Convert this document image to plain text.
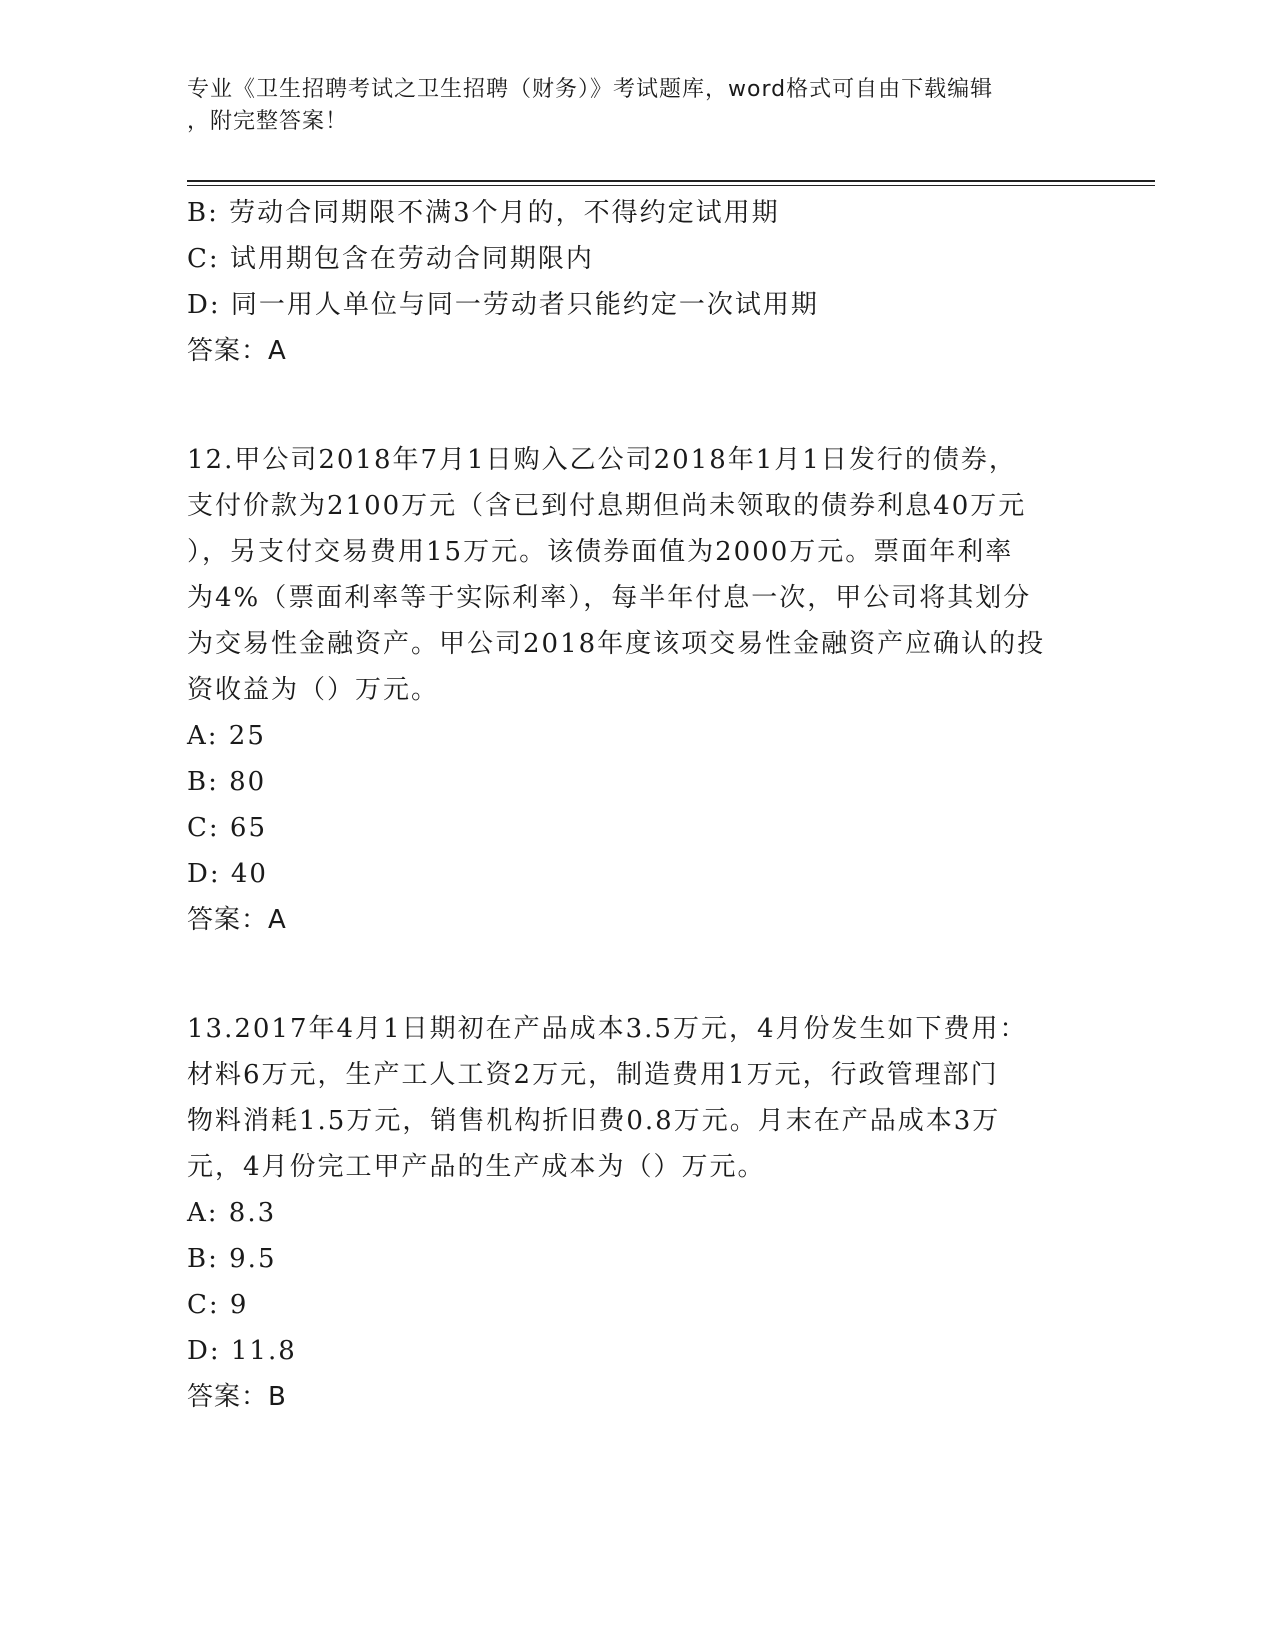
专业《卫生招聘考试之卫生招聘（财务）》考试题库，word格式可自由下载编辑
，附完整答案！
B: 劳动合同期限不满3个月的，不得约定试用期
C: 试用期包含在劳动合同期限内
D: 同一用人单位与同一劳动者只能约定一次试用期
答案：A
12.甲公司2018年7月1日购入乙公司2018年1月1日发行的债券，
支付价款为2100万元（含已到付息期但尚未领取的债券利息40万元
），另支付交易费用15万元。该债券面值为2000万元。票面年利率
为4%（票面利率等于实际利率），每半年付息一次，甲公司将其划分
为交易性金融资产。甲公司2018年度该项交易性金融资产应确认的投
资收益为（）万元。
A: 25
B: 80
C: 65
D: 40
答案：A
13.2017年4月1日期初在产品成本3.5万元，4月份发生如下费用：
材料6万元，生产工人工资2万元，制造费用1万元，行政管理部门
物料消耗1.5万元，销售机构折旧费0.8万元。月末在产品成本3万
元，4月份完工甲产品的生产成本为（）万元。
A: 8.3
B: 9.5
C: 9
D: 11.8
答案：B
